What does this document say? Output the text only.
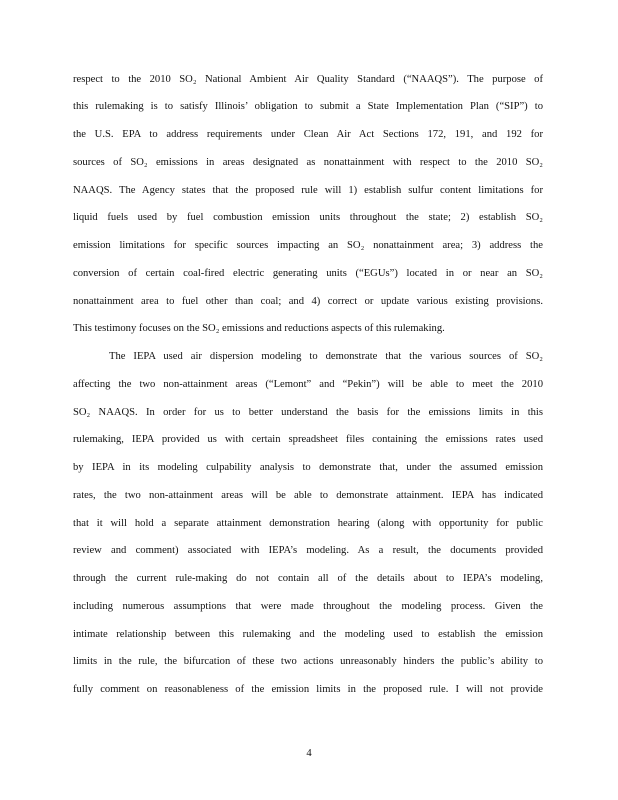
respect to the 2010 SO₂ National Ambient Air Quality Standard (“NAAQS”). The purpose of
this rulemaking is to satisfy Illinois’ obligation to submit a State Implementation Plan (“SIP”) to
the U.S. EPA to address requirements under Clean Air Act Sections 172, 191, and 192 for
sources of SO₂ emissions in areas designated as nonattainment with respect to the 2010 SO₂
NAAQS. The Agency states that the proposed rule will 1) establish sulfur content limitations for
liquid fuels used by fuel combustion emission units throughout the state; 2) establish SO₂
emission limitations for specific sources impacting an SO₂ nonattainment area; 3) address the
conversion of certain coal-fired electric generating units (“EGUs”) located in or near an SO₂
nonattainment area to fuel other than coal; and 4) correct or update various existing provisions.
This testimony focuses on the SO₂ emissions and reductions aspects of this rulemaking.
The IEPA used air dispersion modeling to demonstrate that the various sources of SO₂
affecting the two non-attainment areas (“Lemont” and “Pekin”) will be able to meet the 2010
SO₂ NAAQS. In order for us to better understand the basis for the emissions limits in this
rulemaking, IEPA provided us with certain spreadsheet files containing the emissions rates used
by IEPA in its modeling culpability analysis to demonstrate that, under the assumed emission
rates, the two non-attainment areas will be able to demonstrate attainment. IEPA has indicated
that it will hold a separate attainment demonstration hearing (along with opportunity for public
review and comment) associated with IEPA’s modeling. As a result, the documents provided
through the current rule-making do not contain all of the details about to IEPA’s modeling,
including numerous assumptions that were made throughout the modeling process. Given the
intimate relationship between this rulemaking and the modeling used to establish the emission
limits in the rule, the bifurcation of these two actions unreasonably hinders the public’s ability to
fully comment on reasonableness of the emission limits in the proposed rule. I will not provide
4
